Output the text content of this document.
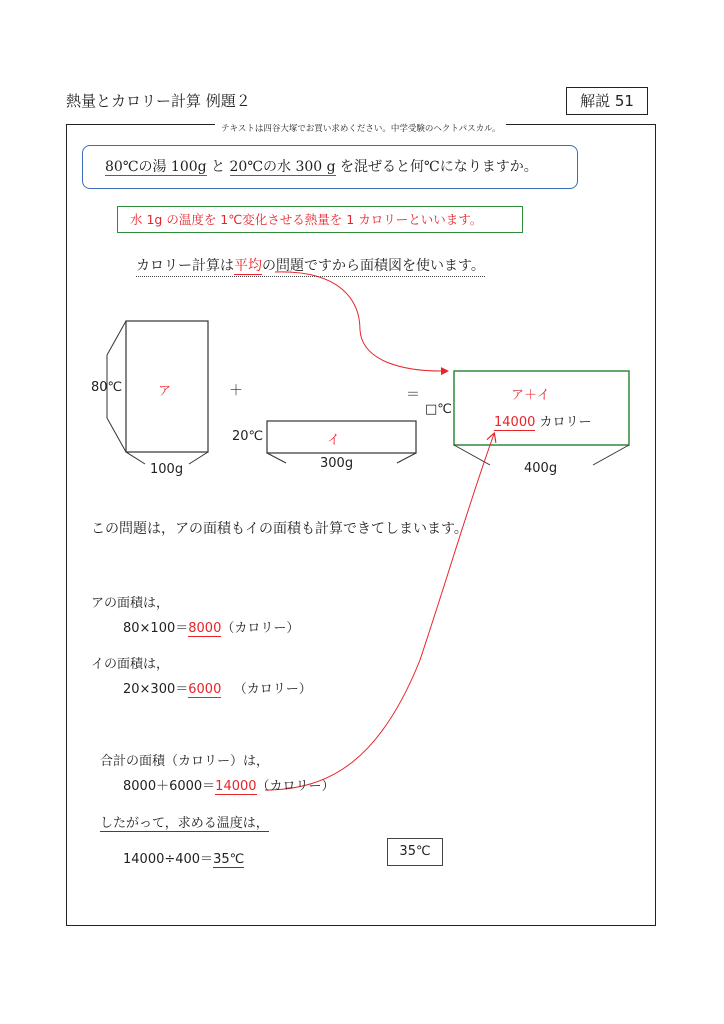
熱量とカロリー計算 例題２	解説 51
テキストは四谷大塚でお買い求めください。中学受験のヘクトパスカル。
80℃の湯 100g と 20℃の水 300 g を混ぜると何℃になりますか。
水 1g の温度を 1℃変化させる熱量を 1 カロリーといいます。
カロリー計算は平均の問題ですから面積図を使います。
80℃	ア
100g
＋
20℃	イ
300g
＝
□℃
ア＋イ
14000 カロリー
400g
この問題は，アの面積もイの面積も計算できてしまいます。
アの面積は，
80×100＝8000（カロリー）
イの面積は，
20×300＝6000 （カロリー）
合計の面積（カロリー）は，
8000＋6000＝14000（カロリー）
したがって，求める温度は，
14000÷400＝35℃
35℃
